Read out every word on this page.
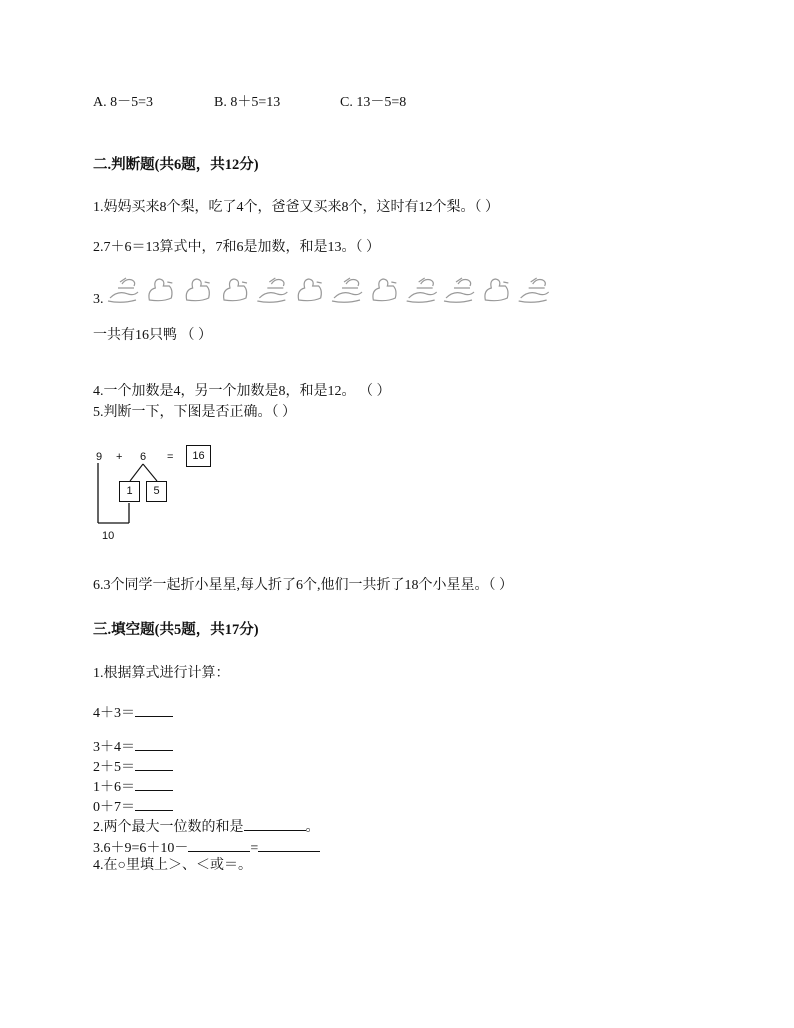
A. 8－5=3	B. 8＋5=13	C. 13－5=8
二.判断题(共6题，共12分)
1.妈妈买来8个梨，吃了4个，爸爸又买来8个，这时有12个梨。（ ）
2.7＋6＝13算式中，7和6是加数，和是13。（ ）
3.
一共有16只鸭 （ ）
4.一个加数是4，另一个加数是8，和是12。 （ ）
5.判断一下，下图是否正确。（ ）
9 + 6 =	16
1	5
10
6.3个同学一起折小星星,每人折了6个,他们一共折了18个小星星。（ ）
三.填空题(共5题，共17分)
1.根据算式进行计算：
4＋3＝
3＋4＝
2＋5＝
1＋6＝
0＋7＝
2.两个最大一位数的和是	。
3.6＋9=6＋10－	=
4.在○里填上＞、＜或＝。
